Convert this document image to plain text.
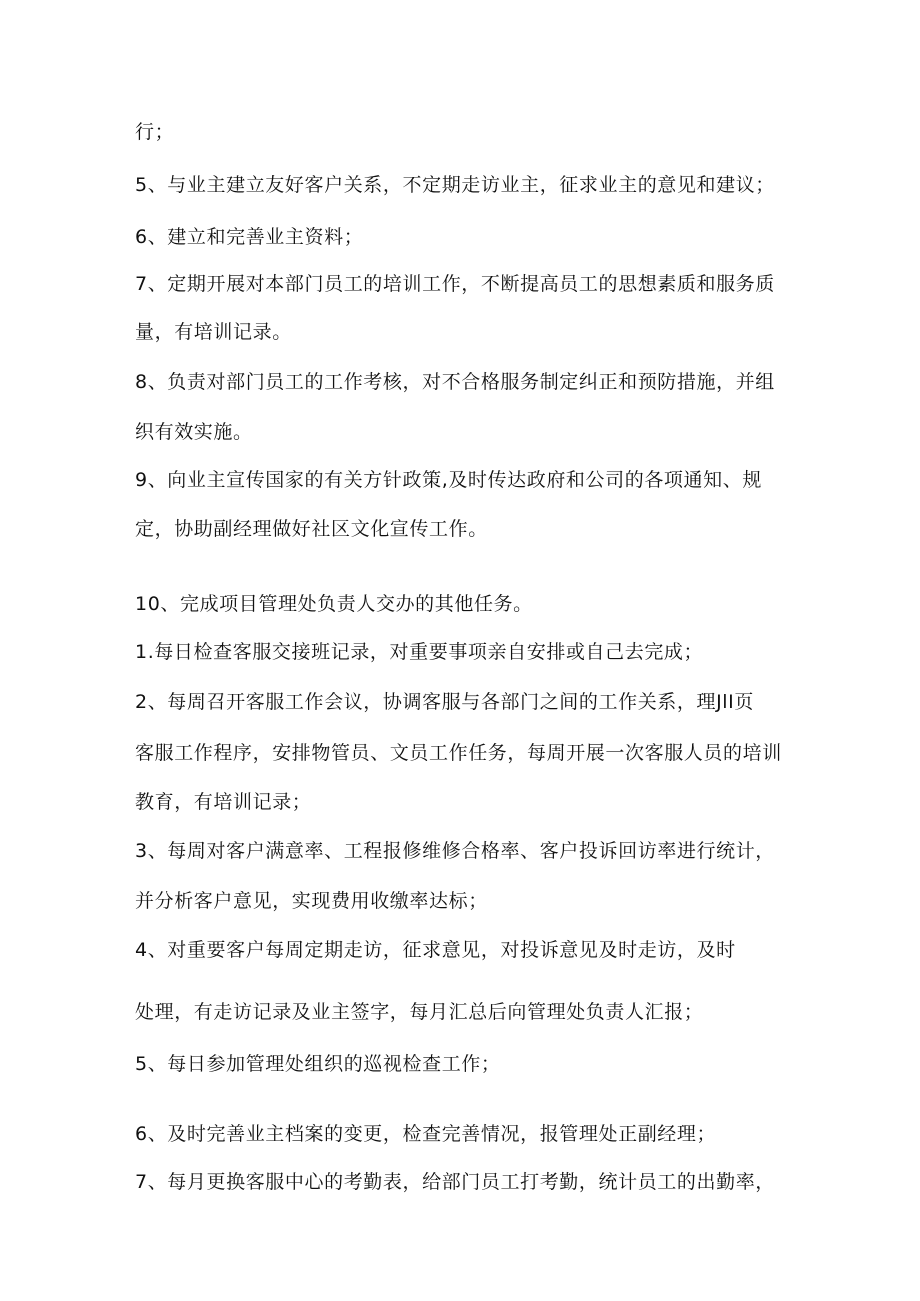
行；
5、与业主建立友好客户关系，不定期走访业主，征求业主的意见和建议；
6、建立和完善业主资料；
7、定期开展对本部门员工的培训工作，不断提高员工的思想素质和服务质
量，有培训记录。
8、负责对部门员工的工作考核，对不合格服务制定纠正和预防措施，并组
织有效实施。
9、向业主宣传国家的有关方针政策,及时传达政府和公司的各项通知、规
定，协助副经理做好社区文化宣传工作。
10、完成项目管理处负责人交办的其他任务。
1.每日检查客服交接班记录，对重要事项亲自安排或自己去完成；
2、每周召开客服工作会议，协调客服与各部门之间的工作关系，理JlI页
客服工作程序，安排物管员、文员工作任务，每周开展一次客服人员的培训
教育，有培训记录；
3、每周对客户满意率、工程报修维修合格率、客户投诉回访率进行统计，
并分析客户意见，实现费用收缴率达标；
4、对重要客户每周定期走访，征求意见，对投诉意见及时走访，及时
处理，有走访记录及业主签字，每月汇总后向管理处负责人汇报；
5、每日参加管理处组织的巡视检查工作；
6、及时完善业主档案的变更，检查完善情况，报管理处正副经理；
7、每月更换客服中心的考勤表，给部门员工打考勤，统计员工的出勤率，
